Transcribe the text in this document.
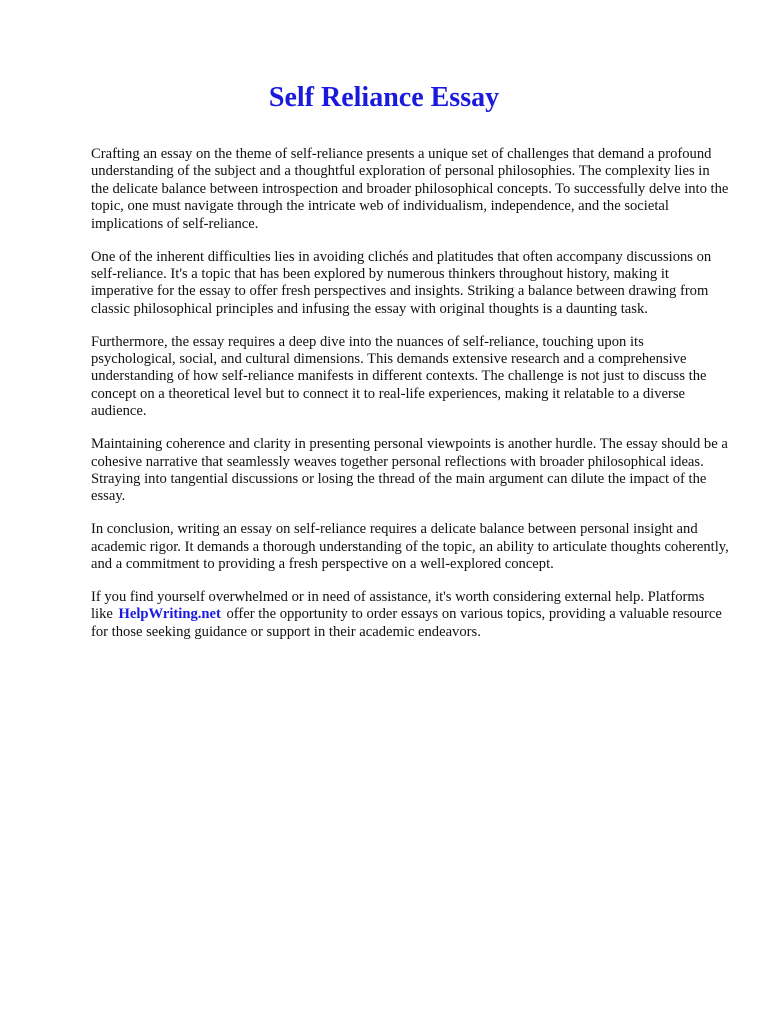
Self Reliance Essay

Crafting an essay on the theme of self-reliance presents a unique set of challenges that demand a profound understanding of the subject and a thoughtful exploration of personal philosophies. The complexity lies in the delicate balance between introspection and broader philosophical concepts. To successfully delve into the topic, one must navigate through the intricate web of individualism, independence, and the societal implications of self-reliance.

One of the inherent difficulties lies in avoiding clichés and platitudes that often accompany discussions on self-reliance. It's a topic that has been explored by numerous thinkers throughout history, making it imperative for the essay to offer fresh perspectives and insights. Striking a balance between drawing from classic philosophical principles and infusing the essay with original thoughts is a daunting task.

Furthermore, the essay requires a deep dive into the nuances of self-reliance, touching upon its psychological, social, and cultural dimensions. This demands extensive research and a comprehensive understanding of how self-reliance manifests in different contexts. The challenge is not just to discuss the concept on a theoretical level but to connect it to real-life experiences, making it relatable to a diverse audience.

Maintaining coherence and clarity in presenting personal viewpoints is another hurdle. The essay should be a cohesive narrative that seamlessly weaves together personal reflections with broader philosophical ideas. Straying into tangential discussions or losing the thread of the main argument can dilute the impact of the essay.

In conclusion, writing an essay on self-reliance requires a delicate balance between personal insight and academic rigor. It demands a thorough understanding of the topic, an ability to articulate thoughts coherently, and a commitment to providing a fresh perspective on a well-explored concept.

If you find yourself overwhelmed or in need of assistance, it's worth considering external help. Platforms like HelpWriting.net offer the opportunity to order essays on various topics, providing a valuable resource for those seeking guidance or support in their academic endeavors.
